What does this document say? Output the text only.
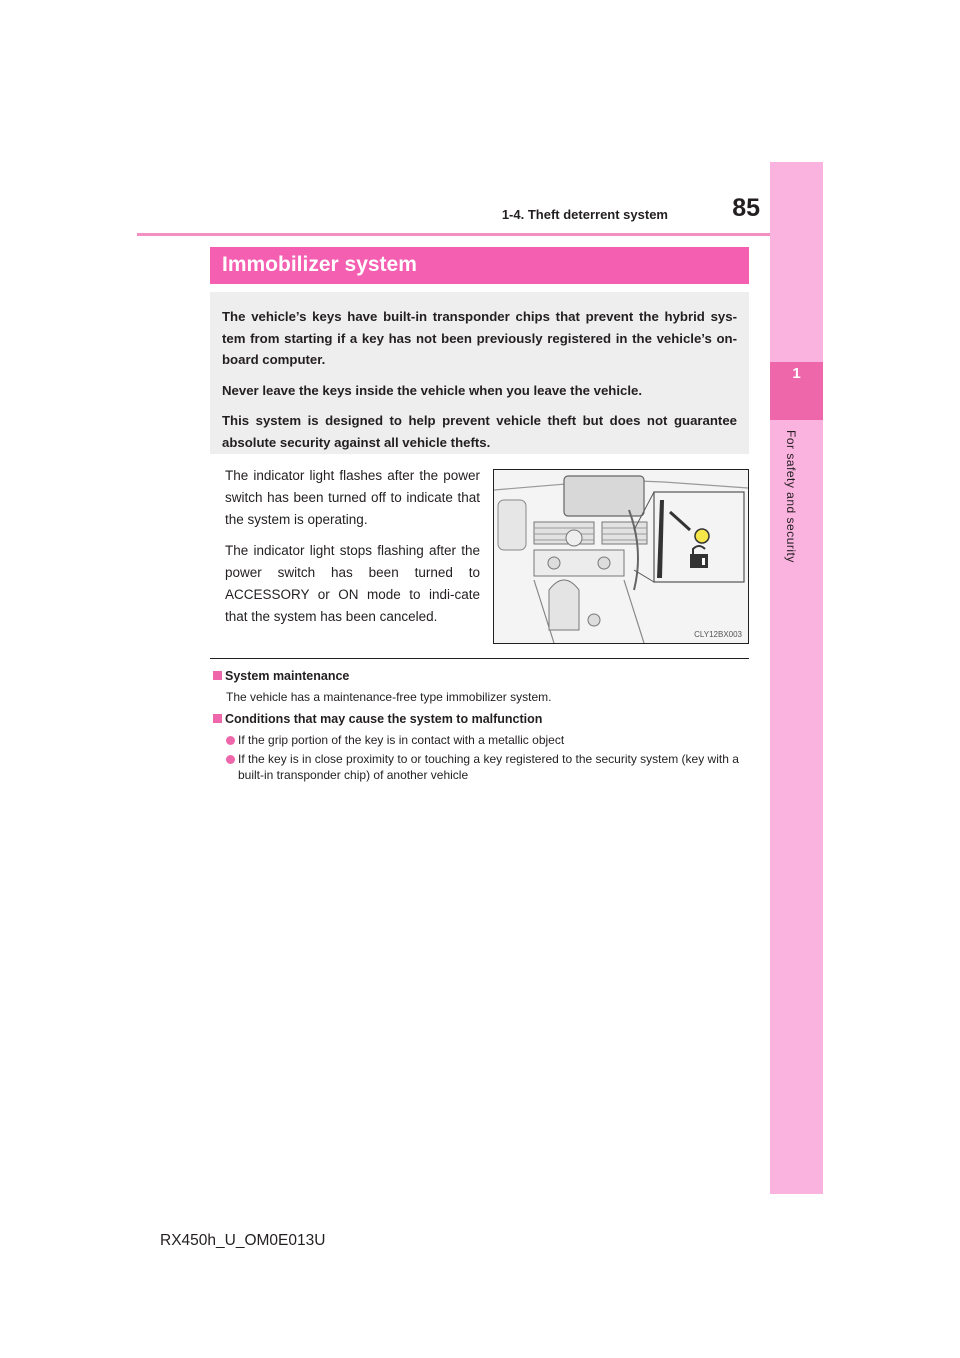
85
1-4. Theft deterrent system
1
For safety and security
Immobilizer system

The vehicle’s keys have built-in transponder chips that prevent the hybrid sys-tem from starting if a key has not been previously registered in the vehicle’s on-board computer.

Never leave the keys inside the vehicle when you leave the vehicle.

This system is designed to help prevent vehicle theft but does not guarantee absolute security against all vehicle thefts.

The indicator light flashes after the power switch has been turned off to indicate that the system is operating.

The indicator light stops flashing after the power switch has been turned to ACCESSORY or ON mode to indi-cate that the system has been canceled.

CLY12BX003
System maintenance
The vehicle has a maintenance-free type immobilizer system.
Conditions that may cause the system to malfunction
If the grip portion of the key is in contact with a metallic object
If the key is in close proximity to or touching a key registered to the security system (key with a built-in transponder chip) of another vehicle
RX450h_U_OM0E013U
